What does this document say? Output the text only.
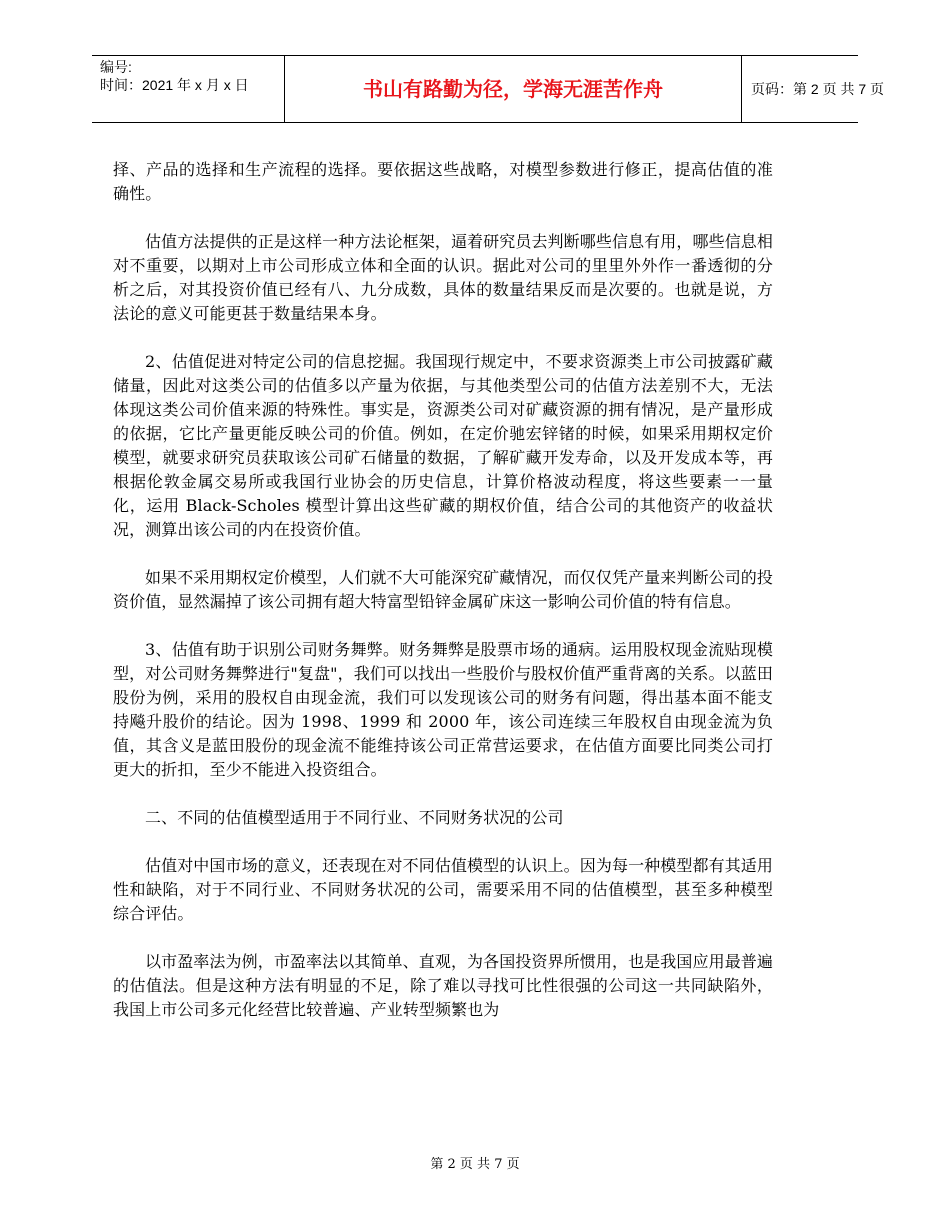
编号:
时间：2021 年 x 月 x 日	书山有路勤为径，学海无涯苦作舟	页码：第 2 页 共 7 页

择、产品的选择和生产流程的选择。要依据这些战略，对模型参数进行修正，提高估值的准确性。

估值方法提供的正是这样一种方法论框架，逼着研究员去判断哪些信息有用，哪些信息相对不重要，以期对上市公司形成立体和全面的认识。据此对公司的里里外外作一番透彻的分析之后，对其投资价值已经有八、九分成数，具体的数量结果反而是次要的。也就是说，方法论的意义可能更甚于数量结果本身。

2、估值促进对特定公司的信息挖掘。我国现行规定中，不要求资源类上市公司披露矿藏储量，因此对这类公司的估值多以产量为依据，与其他类型公司的估值方法差别不大，无法体现这类公司价值来源的特殊性。事实是，资源类公司对矿藏资源的拥有情况，是产量形成的依据，它比产量更能反映公司的价值。例如，在定价驰宏锌锗的时候，如果采用期权定价模型，就要求研究员获取该公司矿石储量的数据，了解矿藏开发寿命，以及开发成本等，再根据伦敦金属交易所或我国行业协会的历史信息，计算价格波动程度，将这些要素一一量化，运用 Black-Scholes 模型计算出这些矿藏的期权价值，结合公司的其他资产的收益状况，测算出该公司的内在投资价值。

如果不采用期权定价模型，人们就不大可能深究矿藏情况，而仅仅凭产量来判断公司的投资价值，显然漏掉了该公司拥有超大特富型铅锌金属矿床这一影响公司价值的特有信息。

3、估值有助于识别公司财务舞弊。财务舞弊是股票市场的通病。运用股权现金流贴现模型，对公司财务舞弊进行"复盘"，我们可以找出一些股价与股权价值严重背离的关系。以蓝田股份为例，采用的股权自由现金流，我们可以发现该公司的财务有问题，得出基本面不能支持飚升股价的结论。因为 1998、1999 和 2000 年，该公司连续三年股权自由现金流为负值，其含义是蓝田股份的现金流不能维持该公司正常营运要求，在估值方面要比同类公司打更大的折扣，至少不能进入投资组合。

二、不同的估值模型适用于不同行业、不同财务状况的公司

估值对中国市场的意义，还表现在对不同估值模型的认识上。因为每一种模型都有其适用性和缺陷，对于不同行业、不同财务状况的公司，需要采用不同的估值模型，甚至多种模型综合评估。

以市盈率法为例，市盈率法以其简单、直观，为各国投资界所惯用，也是我国应用最普遍的估值法。但是这种方法有明显的不足，除了难以寻找可比性很强的公司这一共同缺陷外，我国上市公司多元化经营比较普遍、产业转型频繁也为

第 2 页 共 7 页
